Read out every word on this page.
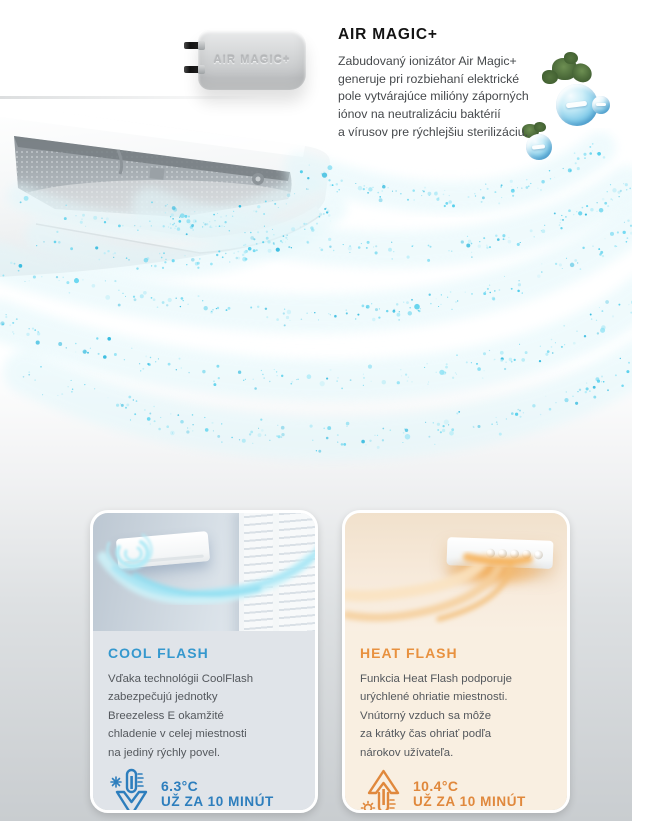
AIR MAGIC+
AIR MAGIC+
Zabudovaný ionizátor Air Magic+
generuje pri rozbiehaní elektrické
pole vytvárajúce milióny záporných
iónov na neutralizáciu baktérií
a vírusov pre rýchlejšiu sterilizáciu.
COOL FLASH
Vďaka technológii CoolFlash
zabezpečujú jednotky
Breezeless E okamžité
chladenie v celej miestnosti
na jediný rýchly povel.
6.3°C
UŽ ZA 10 MINÚT
HEAT FLASH
Funkcia Heat Flash podporuje
urýchlené ohriatie miestnosti.
Vnútorný vzduch sa môže
za krátky čas ohriať podľa
nárokov užívateľa.
10.4°C
UŽ ZA 10 MINÚT
